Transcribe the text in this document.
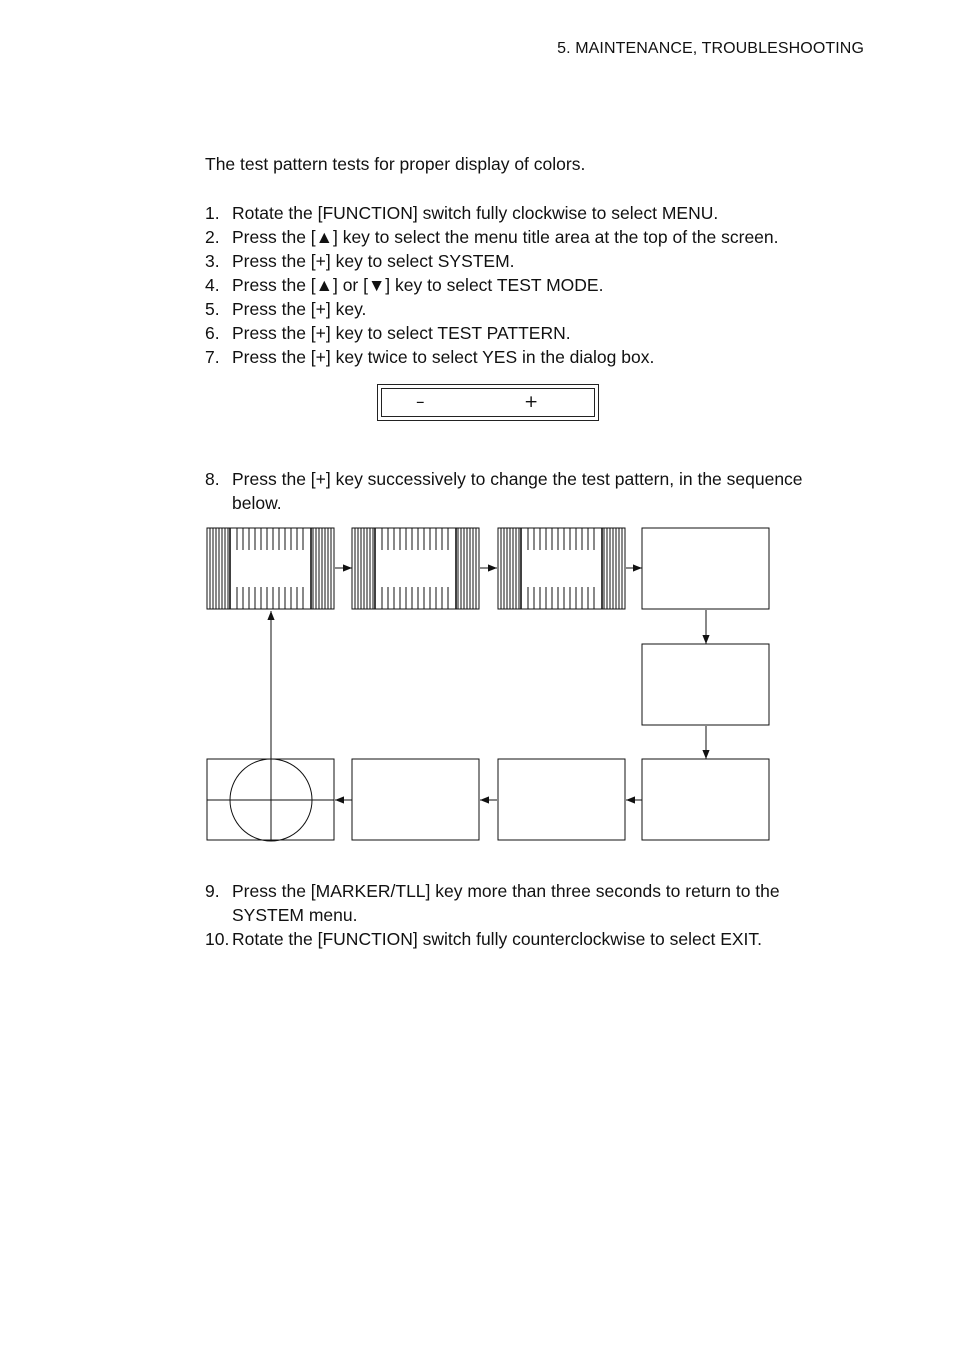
5. MAINTENANCE, TROUBLESHOOTING
The test pattern tests for proper display of colors.
1. Rotate the [FUNCTION] switch fully clockwise to select MENU.
2. Press the [▲] key to select the menu title area at the top of the screen.
3. Press the [+] key to select SYSTEM.
4. Press the [▲] or [▼] key to select TEST MODE.
5. Press the [+] key.
6. Press the [+] key to select TEST PATTERN.
7. Press the [+] key twice to select YES in the dialog box.
–	+
8. Press the [+] key successively to change the test pattern, in the sequence below.
9. Press the [MARKER/TLL] key more than three seconds to return to the SYSTEM menu.
10. Rotate the [FUNCTION] switch fully counterclockwise to select EXIT.
